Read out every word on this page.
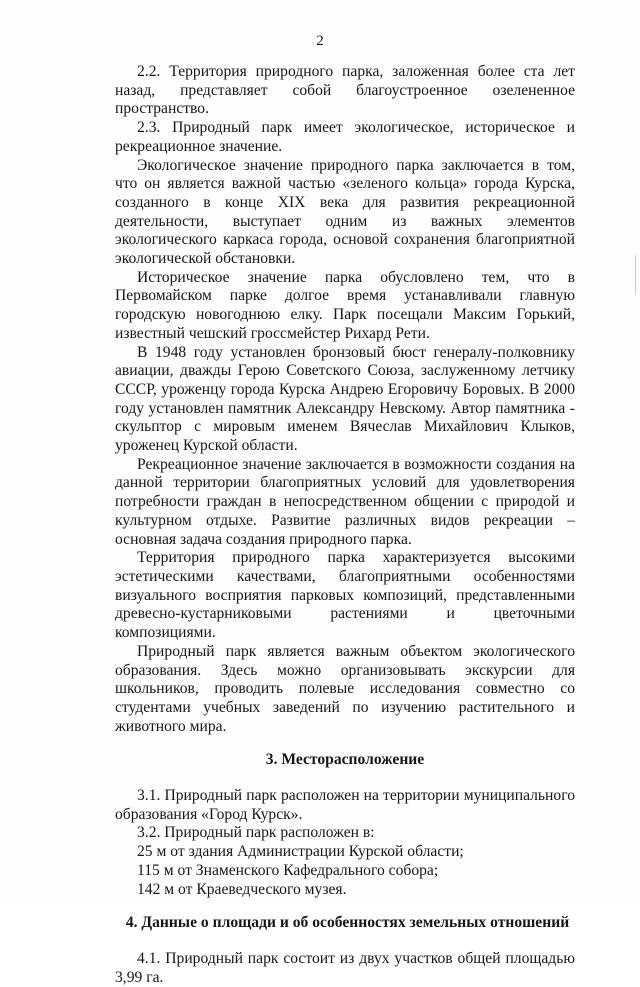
2

2.2. Территория природного парка, заложенная более ста лет назад, представляет собой благоустроенное озелененное пространство.

2.3. Природный парк имеет экологическое, историческое и рекреационное значение.

Экологическое значение природного парка заключается в том, что он является важной частью «зеленого кольца» города Курска, созданного в конце XIX века для развития рекреационной деятельности, выступает одним из важных элементов экологического каркаса города, основой сохранения благоприятной экологической обстановки.

Историческое значение парка обусловлено тем, что в Первомайском парке долгое время устанавливали главную городскую новогоднюю елку. Парк посещали Максим Горький, известный чешский гроссмейстер Рихард Рети.

В 1948 году установлен бронзовый бюст генералу-полковнику авиации, дважды Герою Советского Союза, заслуженному летчику СССР, уроженцу города Курска Андрею Егоровичу Боровых. В 2000 году установлен памятник Александру Невскому. Автор памятника - скульптор с мировым именем Вячеслав Михайлович Клыков, уроженец Курской области.

Рекреационное значение заключается в возможности создания на данной территории благоприятных условий для удовлетворения потребности граждан в непосредственном общении с природой и культурном отдыхе. Развитие различных видов рекреации – основная задача создания природного парка.

Территория природного парка характеризуется высокими эстетическими качествами, благоприятными особенностями визуального восприятия парковых композиций, представленными древесно-кустарниковыми растениями и цветочными композициями.

Природный парк является важным объектом экологического образования. Здесь можно организовывать экскурсии для школьников, проводить полевые исследования совместно со студентами учебных заведений по изучению растительного и животного мира.

3. Месторасположение

3.1. Природный парк расположен на территории муниципального образования «Город Курск».

3.2. Природный парк расположен в:

25 м от здания Администрации Курской области;

115 м от Знаменского Кафедрального собора;

142 м от Краеведческого музея.

4. Данные о площади и об особенностях земельных отношений

4.1. Природный парк состоит из двух участков общей площадью 3,99 га.
